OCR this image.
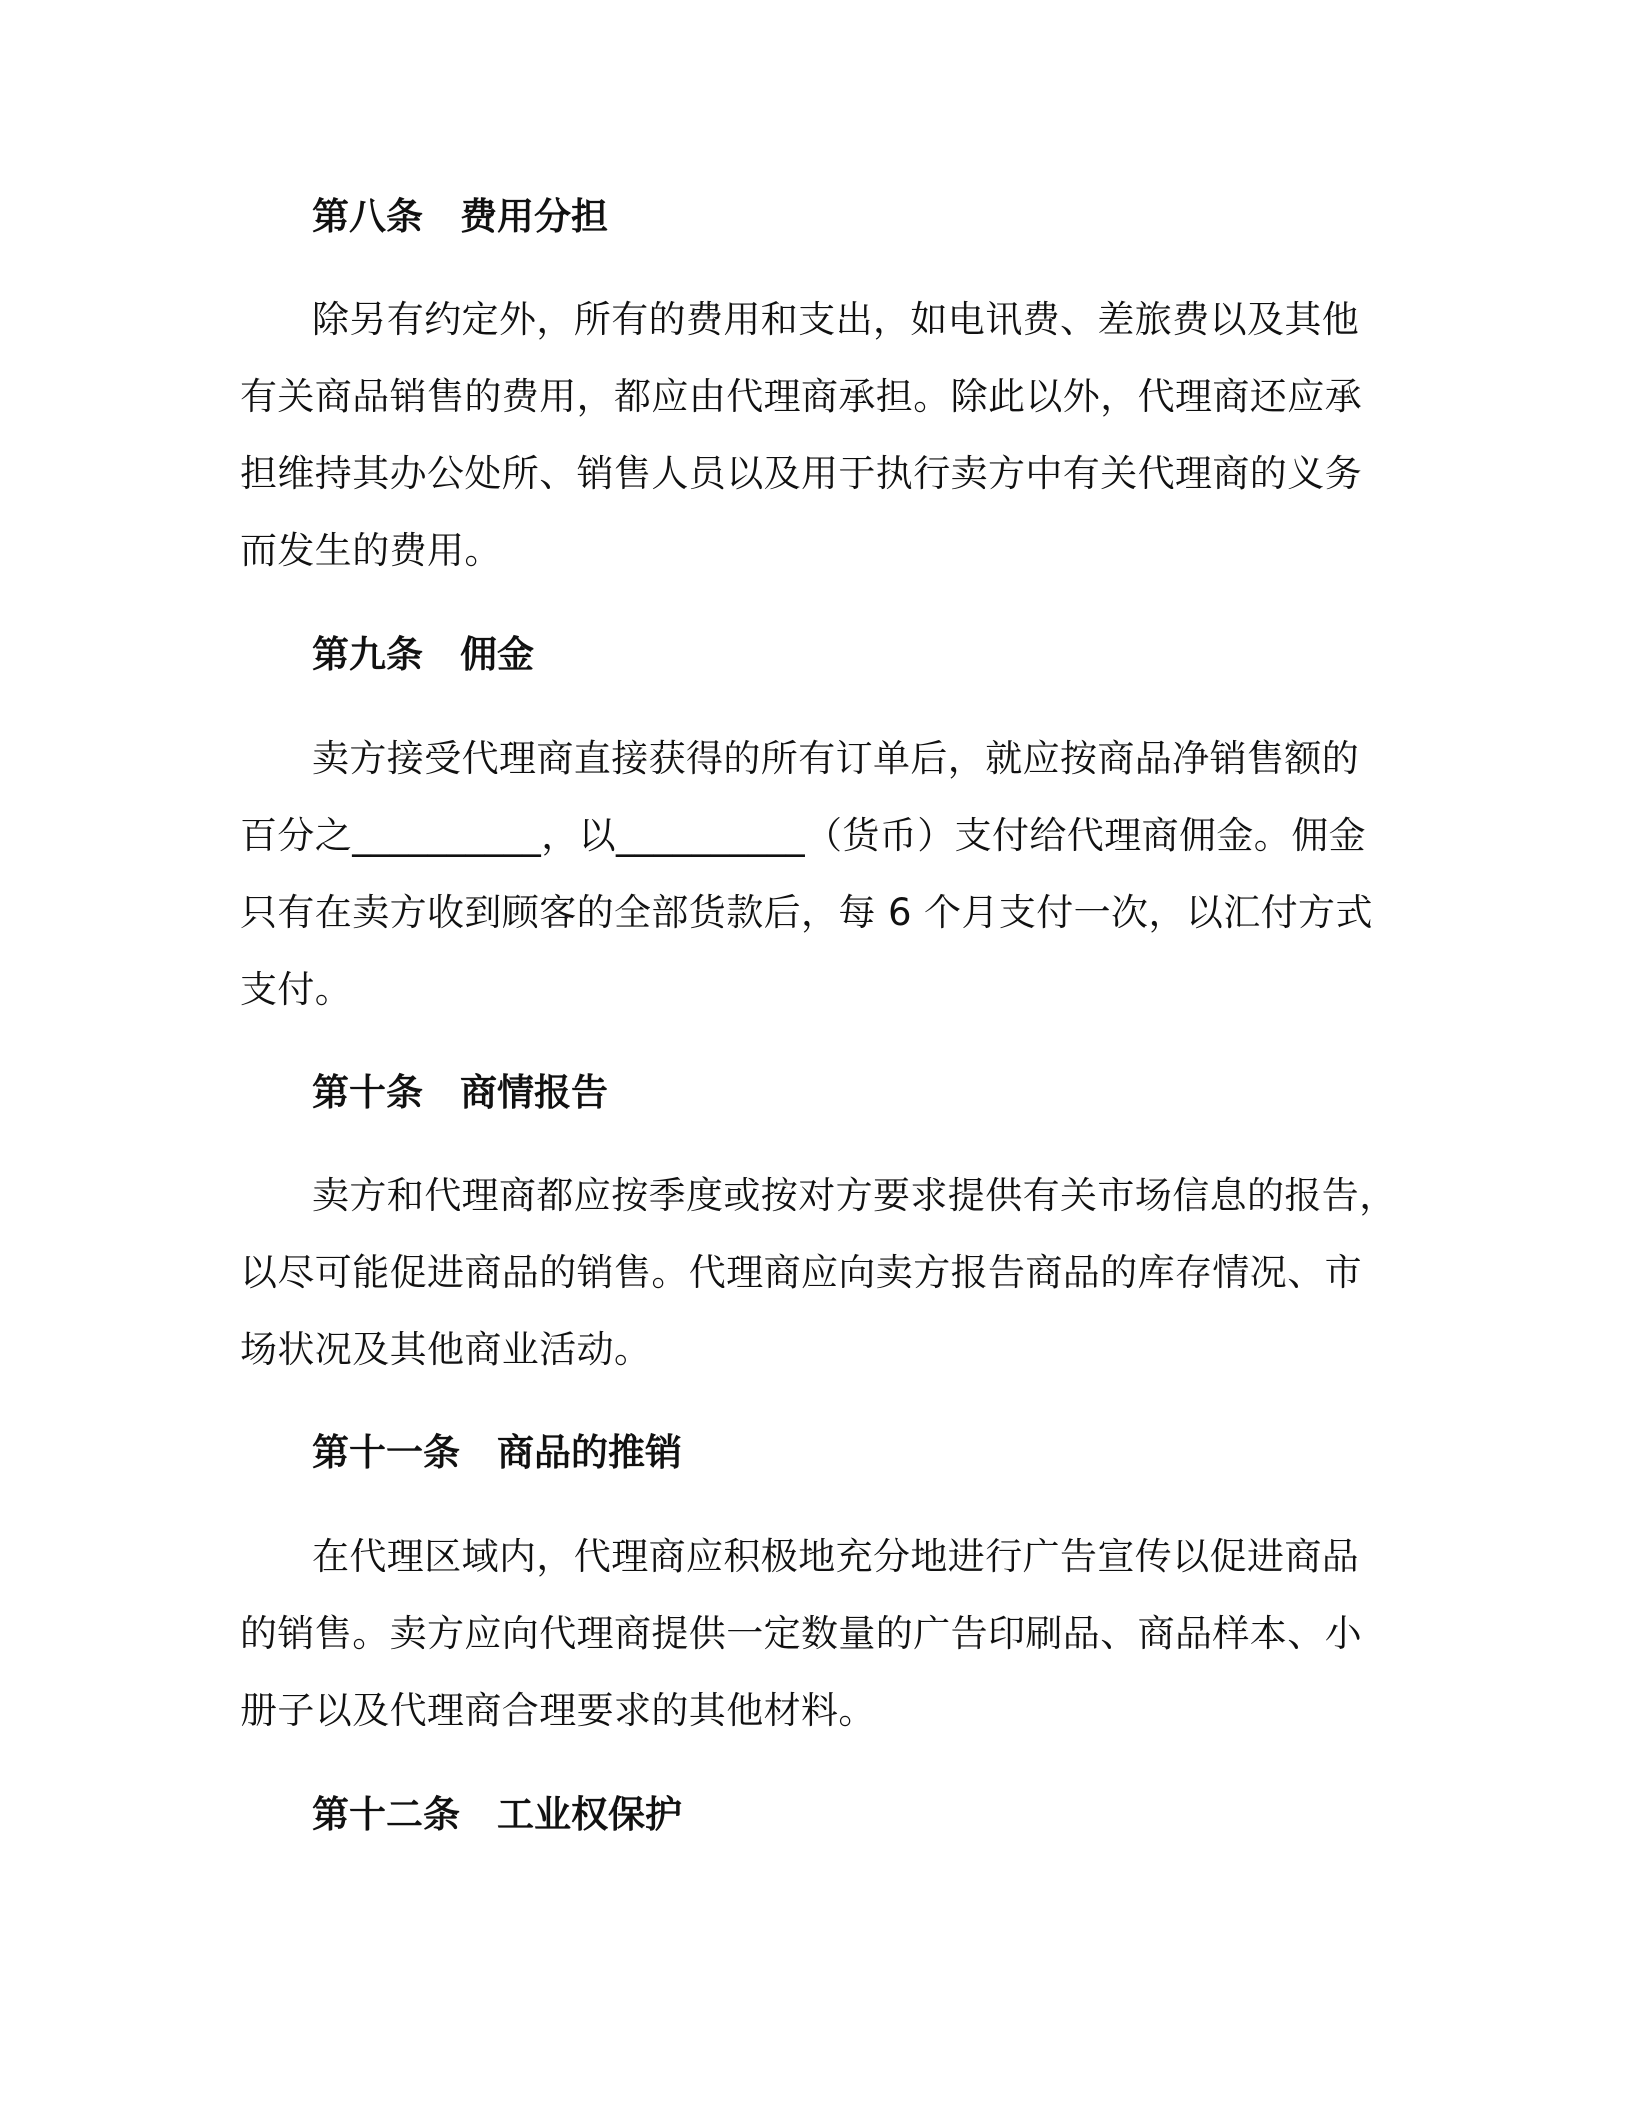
第八条　费用分担
除另有约定外，所有的费用和支出，如电讯费、差旅费以及其他
有关商品销售的费用，都应由代理商承担。除此以外，代理商还应承
担维持其办公处所、销售人员以及用于执行卖方中有关代理商的义务
而发生的费用。
第九条　佣金
卖方接受代理商直接获得的所有订单后，就应按商品净销售额的
百分之__________，以__________（货币）支付给代理商佣金。佣金
只有在卖方收到顾客的全部货款后，每 6 个月支付一次，以汇付方式
支付。
第十条　商情报告
卖方和代理商都应按季度或按对方要求提供有关市场信息的报告，
以尽可能促进商品的销售。代理商应向卖方报告商品的库存情况、市
场状况及其他商业活动。
第十一条　商品的推销
在代理区域内，代理商应积极地充分地进行广告宣传以促进商品
的销售。卖方应向代理商提供一定数量的广告印刷品、商品样本、小
册子以及代理商合理要求的其他材料。
第十二条　工业权保护
